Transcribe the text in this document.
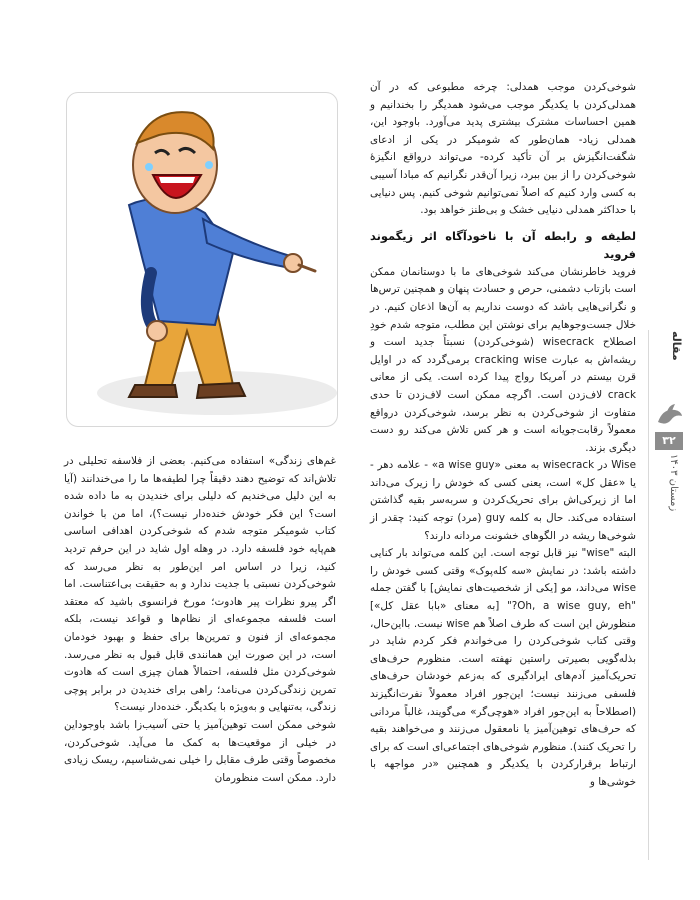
شوخی‌کردن موجب همدلی: چرخه مطبوعی که در آن همدلی‌کردن با یکدیگر موجب می‌شود همدیگر را بخندانیم و همین احساسات مشترک بیشتری پدید می‌آورد. باوجود این، همدلی زیاد- همان‌طور که شومیکر در یکی از ادعای شگفت‌انگیزش بر آن تأکید کرده- می‌تواند درواقع انگیزهٔ شوخی‌کردن را از بین ببرد، زیرا آن‌قدر نگرانیم که مبادا آسیبی به کسی وارد کنیم که اصلاً نمی‌توانیم شوخی کنیم. پس دنیایی با حداکثر همدلی دنیایی خشک و بی‌طنز خواهد بود.

لطیفه و رابطه آن با ناخودآگاه اثر زیگموند فروید

فروید خاطرنشان می‌کند شوخی‌های ما با دوستانمان ممکن است بازتاب دشمنی، حرص و حسادت پنهان و همچنین ترس‌ها و نگرانی‌هایی باشد که دوست نداریم به آن‌ها اذعان کنیم. در خلال جست‌وجوهایم برای نوشتن این مطلب، متوجه شدم خودِ اصطلاح wisecrack (شوخی‌کردن) نسبتاً جدید است و ریشه‌اش به عبارت cracking wise برمی‌گردد که در اوایل قرن بیستم در آمریکا رواج پیدا کرده است. یکی از معانی crack لاف‌زدن است. اگرچه ممکن است لاف‌زدن تا حدی متفاوت از شوخی‌کردن به نظر برسد، شوخی‌کردن درواقع معمولاً رقابت‌جویانه است و هر کس تلاش می‌کند رو دست دیگری بزند.

Wise در wisecrack به معنی «a wise guy» - علامه دهر - یا «عقل کل» است، یعنی کسی که خودش را زیرک می‌داند اما از زیرکی‌اش برای تحریک‌کردن و سربه‌سر بقیه گذاشتن استفاده می‌کند. حال به کلمه guy (مرد) توجه کنید: چقدر از شوخی‌ها ریشه در الگوهای خشونت مردانه دارند؟

البته "wise" نیز قابل توجه است. این کلمه می‌تواند بار کنایی داشته باشد: در نمایش «سه کله‌پوک» وقتی کسی خودش را wise می‌داند، مو [یکی از شخصیت‌های نمایش] با گفتن جمله "Oh, a wise guy, eh?" [به معنای «بابا عقل کل»] منظورش این است که طرف اصلاً هم wise نیست. بااین‌حال، وقتی کتاب شوخی‌کردن را می‌خواندم فکر کردم شاید در بذله‌گویی بصیرتی راستین نهفته است. منظورم حرف‌های تحریک‌آمیز آدم‌های ایرادگیری که به‌زعم خودشان حرف‌های فلسفی می‌زنند نیست؛ این‌جور افراد معمولاً نفرت‌انگیزند (اصطلاحاً به این‌جور افراد «هوچی‌گر» می‌گویند، غالباً مردانی که حرف‌های توهین‌آمیز یا نامعقول می‌زنند و می‌خواهند بقیه را تحریک کنند). منظورم شوخی‌های اجتماعی‌ای است که برای ارتباط برقرارکردن با یکدیگر و همچنین «در مواجهه با خوشی‌ها و

غم‌های زندگی» استفاده می‌کنیم. بعضی از فلاسفه تحلیلی در تلاش‌اند که توضیح دهند دقیقاً چرا لطیفه‌ها ما را می‌خندانند (آیا به این دلیل می‌خندیم که دلیلی برای خندیدن به ما داده شده است؟ این فکر خودش خنده‌دار نیست؟)، اما من با خواندن کتاب شومیکر متوجه شدم که شوخی‌کردن اهدافی اساسی هم‌پایه خود فلسفه دارد. در وهله اول شاید در این حرفم تردید کنید، زیرا در اساس امر این‌طور به نظر می‌رسد که شوخی‌کردن نسبتی با جدیت ندارد و به حقیقت بی‌اعتناست. اما اگر پیرو نظرات پیر هادوت؛ مورخ فرانسوی باشید که معتقد است فلسفه مجموعه‌ای از نظام‌ها و قواعد نیست، بلکه مجموعه‌ای از فنون و تمرین‌ها برای حفظ و بهبود خودمان است، در این صورت این همانندی قابل قبول به نظر می‌رسد. شوخی‌کردن مثل فلسفه، احتمالاً همان چیزی است که هادوت تمرین زندگی‌کردن می‌نامد؛ راهی برای خندیدن در برابر پوچی زندگی، به‌تنهایی و به‌ویژه با یکدیگر. خنده‌دار نیست؟

شوخی ممکن است توهین‌آمیز یا حتی آسیب‌زا باشد باوجوداین در خیلی از موقعیت‌ها به کمک ما می‌آید. شوخی‌کردن، مخصوصاً وقتی طرف مقابل را خیلی نمی‌شناسیم، ریسک زیادی دارد. ممکن است منظورمان

مقاله
۳۲
زمستان ۱۴۰۳
